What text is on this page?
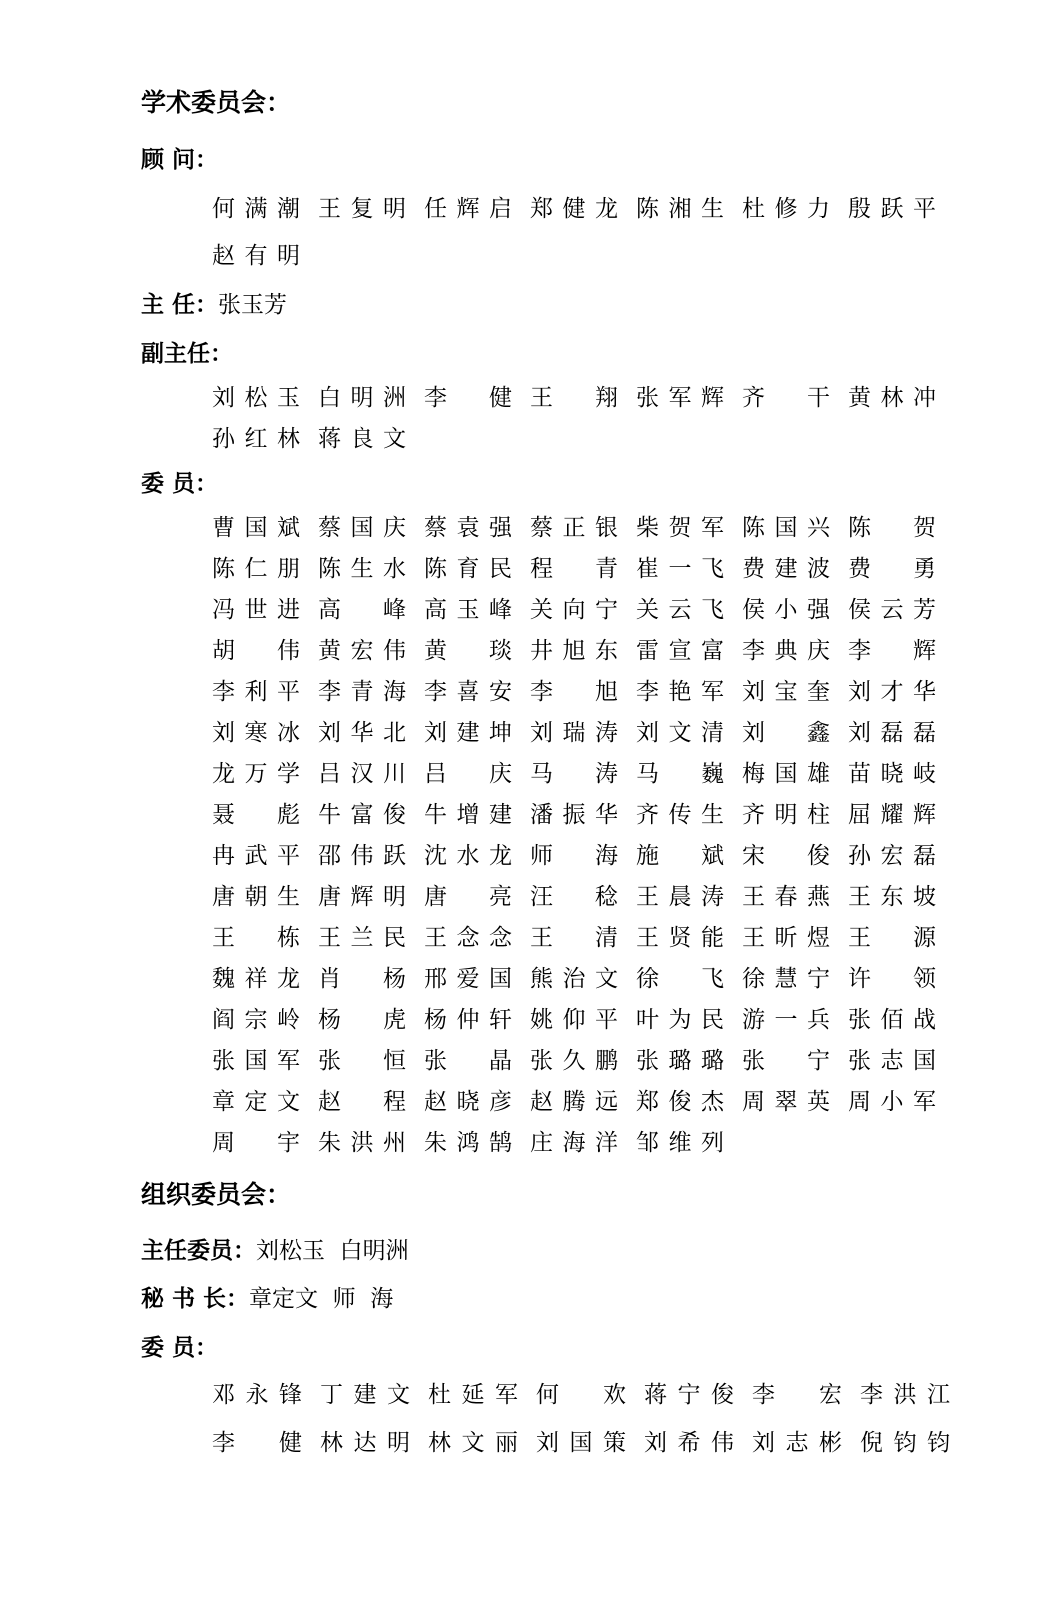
学术委员会：
顾 问：
何 满 潮 王 复 明 任 辉 启 郑 健 龙 陈 湘 生 杜 修 力 殷 跃 平
赵 有 明
主 任：张玉芳
副主任：
刘 松 玉 白 明 洲 李 健 王 翔 张 军 辉 齐 干 黄 林 冲
孙 红 林 蒋 良 文
委 员：
曹 国 斌 蔡 国 庆 蔡 袁 强 蔡 正 银 柴 贺 军 陈 国 兴 陈 贺
陈 仁 朋 陈 生 水 陈 育 民 程 青 崔 一 飞 费 建 波 费 勇
冯 世 进 高 峰 高 玉 峰 关 向 宁 关 云 飞 侯 小 强 侯 云 芳
胡 伟 黄 宏 伟 黄 琰 井 旭 东 雷 宣 富 李 典 庆 李 辉
李 利 平 李 青 海 李 喜 安 李 旭 李 艳 军 刘 宝 奎 刘 才 华
刘 寒 冰 刘 华 北 刘 建 坤 刘 瑞 涛 刘 文 清 刘 鑫 刘 磊 磊
龙 万 学 吕 汉 川 吕 庆 马 涛 马 巍 梅 国 雄 苗 晓 岐
聂 彪 牛 富 俊 牛 增 建 潘 振 华 齐 传 生 齐 明 柱 屈 耀 辉
冉 武 平 邵 伟 跃 沈 水 龙 师 海 施 斌 宋 俊 孙 宏 磊
唐 朝 生 唐 辉 明 唐 亮 汪 稔 王 晨 涛 王 春 燕 王 东 坡
王 栋 王 兰 民 王 念 念 王 清 王 贤 能 王 昕 煜 王 源
魏 祥 龙 肖 杨 邢 爱 国 熊 治 文 徐 飞 徐 慧 宁 许 领
阎 宗 岭 杨 虎 杨 仲 轩 姚 仰 平 叶 为 民 游 一 兵 张 佰 战
张 国 军 张 恒 张 晶 张 久 鹏 张 璐 璐 张 宁 张 志 国
章 定 文 赵 程 赵 晓 彦 赵 腾 远 郑 俊 杰 周 翠 英 周 小 军
周 宇 朱 洪 州 朱 鸿 鹄 庄 海 洋 邹 维 列
组织委员会：
主任委员：刘松玉  白明洲
秘 书 长：章定文  师  海
委 员：
邓 永 锋 丁 建 文 杜 延 军 何 欢 蒋 宁 俊 李 宏 李 洪 江
李 健 林 达 明 林 文 丽 刘 国 策 刘 希 伟 刘 志 彬 倪 钧 钧
